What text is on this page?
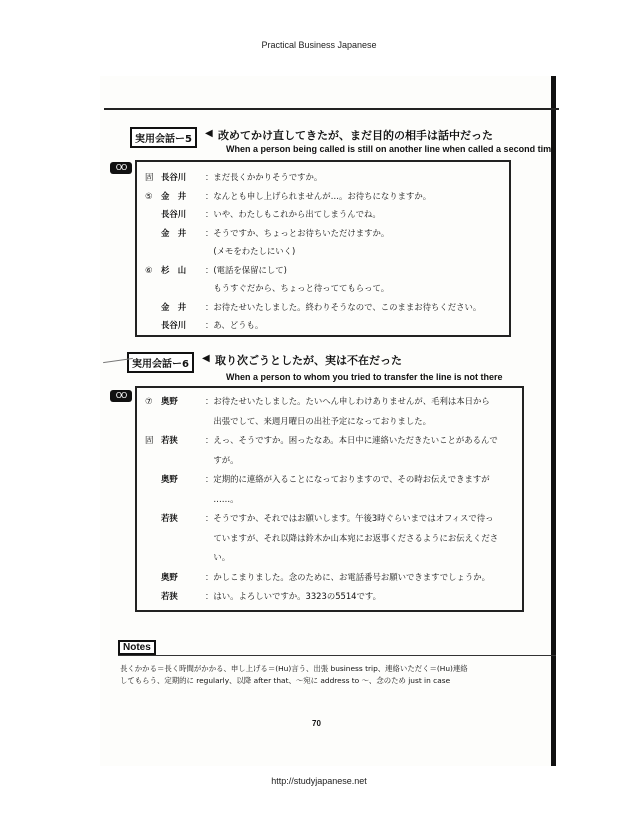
Practical Business Japanese
実用会話ー5
◀ 改めてかけ直してきたが、まだ目的の相手は話中だった
When a person being called is still on another line when called a second time
OO
固 長谷川 ：まだ長くかかりそうですか。
⑤ 金　井 ：なんとも申し上げられませんが…。お待ちになりますか。
長谷川 ：いや、わたしもこれから出てしまうんでね。
金　井 ：そうですか、ちょっとお待ちいただけますか。
　(メモをわたしにいく)
⑥ 杉　山 ：(電話を保留にして)
　もうすぐだから、ちょっと待っててもらって。
金　井 ：お待たせいたしました。終わりそうなので、このままお待ちください。
長谷川 ：あ、どうも。
実用会話ー6
◀ 取り次ごうとしたが、実は不在だった
When a person to whom you tried to transfer the line is not there
OO
⑦ 奥野	：お待たせいたしました。たいへん申しわけありませんが、毛利は本日から
　出張でして、来週月曜日の出社予定になっておりました。
固 若狭	：えっ、そうですか。困ったなあ。本日中に連絡いただきたいことがあるんで
　すが。
奥野	：定期的に連絡が入ることになっておりますので、その時お伝えできますが
　……。
若狭	：そうですか、それではお願いします。午後3時ぐらいまではオフィスで待っ
　ていますが、それ以降は鈴木か山本宛にお返事くださるようにお伝えくださ
　い。
奥野	：かしこまりました。念のために、お電話番号お願いできますでしょうか。
若狭	：はい。よろしいですか。3323の5514です。
Notes
長くかかる＝長く時間がかかる、申し上げる＝(Hu)言う、出張 business trip、連絡いただく＝(Hu)連絡
してもらう、定期的に regularly、以降 after that、～宛に address to ～、念のため just in case
70
http://studyjapanese.net
